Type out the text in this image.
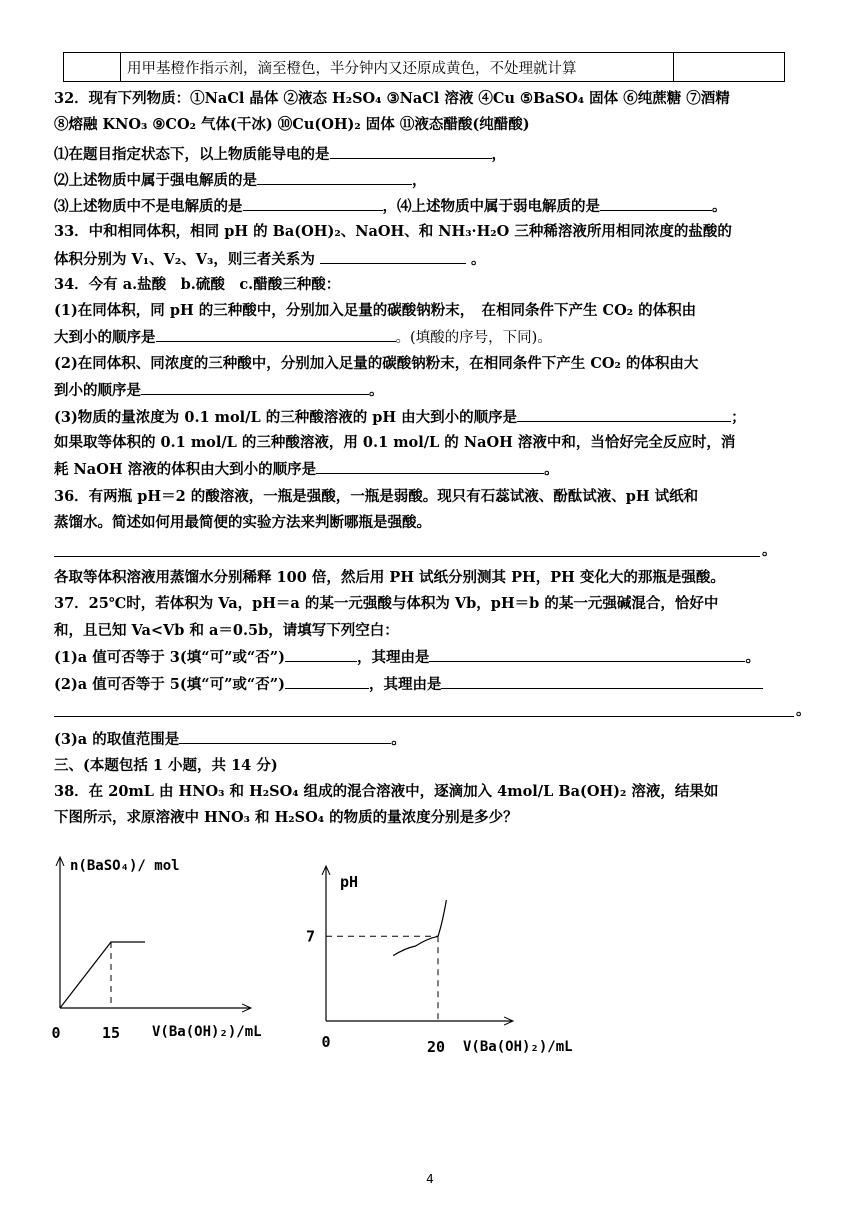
	用甲基橙作指示剂，滴至橙色，半分钟内又还原成黄色，不处理就计算	
32．现有下列物质：①NaCl 晶体 ②液态 H₂SO₄ ③NaCl 溶液 ④Cu ⑤BaSO₄ 固体 ⑥纯蔗糖 ⑦酒精
⑧熔融 KNO₃ ⑨CO₂ 气体(干冰) ⑩Cu(OH)₂ 固体 ⑪液态醋酸(纯醋酸)
⑴在题目指定状态下，以上物质能导电的是	，
⑵上述物质中属于强电解质的是	，
⑶上述物质中不是电解质的是	，⑷上述物质中属于弱电解质的是	。
33．中和相同体积，相同 pH 的 Ba(OH)₂、NaOH、和 NH₃·H₂O 三种稀溶液所用相同浓度的盐酸的
体积分别为 V₁、V₂、V₃，则三者关系为	。
34．今有 a.盐酸　b.硫酸　c.醋酸三种酸：
(1)在同体积，同 pH 的三种酸中，分别加入足量的碳酸钠粉末，　在相同条件下产生 CO₂ 的体积由
大到小的顺序是	。(填酸的序号，下同)。
(2)在同体积、同浓度的三种酸中，分别加入足量的碳酸钠粉末，在相同条件下产生 CO₂ 的体积由大
到小的顺序是	。
(3)物质的量浓度为 0.1 mol/L 的三种酸溶液的 pH 由大到小的顺序是	；
如果取等体积的 0.1 mol/L 的三种酸溶液，用 0.1 mol/L 的 NaOH 溶液中和，当恰好完全反应时，消
耗 NaOH 溶液的体积由大到小的顺序是	。
36．有两瓶 pH＝2 的酸溶液，一瓶是强酸，一瓶是弱酸。现只有石蕊试液、酚酞试液、pH 试纸和
蒸馏水。简述如何用最简便的实验方法来判断哪瓶是强酸。
。
各取等体积溶液用蒸馏水分别稀释 100 倍，然后用 PH 试纸分别测其 PH，PH 变化大的那瓶是强酸。
37．25℃时，若体积为 Va，pH＝a 的某一元强酸与体积为 Vb，pH＝b 的某一元强碱混合，恰好中
和，且已知 Va<Vb 和 a＝0.5b，请填写下列空白：
(1)a 值可否等于 3(填“可”或“否”)	，其理由是	。
(2)a 值可否等于 5(填“可”或“否”)	，其理由是
。
(3)a 的取值范围是	。
三、(本题包括 1 小题，共 14 分)
38．在 20mL 由 HNO₃ 和 H₂SO₄ 组成的混合溶液中，逐滴加入 4mol/L Ba(OH)₂ 溶液，结果如
下图所示，求原溶液中 HNO₃ 和 H₂SO₄ 的物质的量浓度分别是多少？
n(BaSO₄)/ mol
0	15 V(Ba(OH)₂)/mL
pH
7
0	20 V(Ba(OH)₂)/mL
4
